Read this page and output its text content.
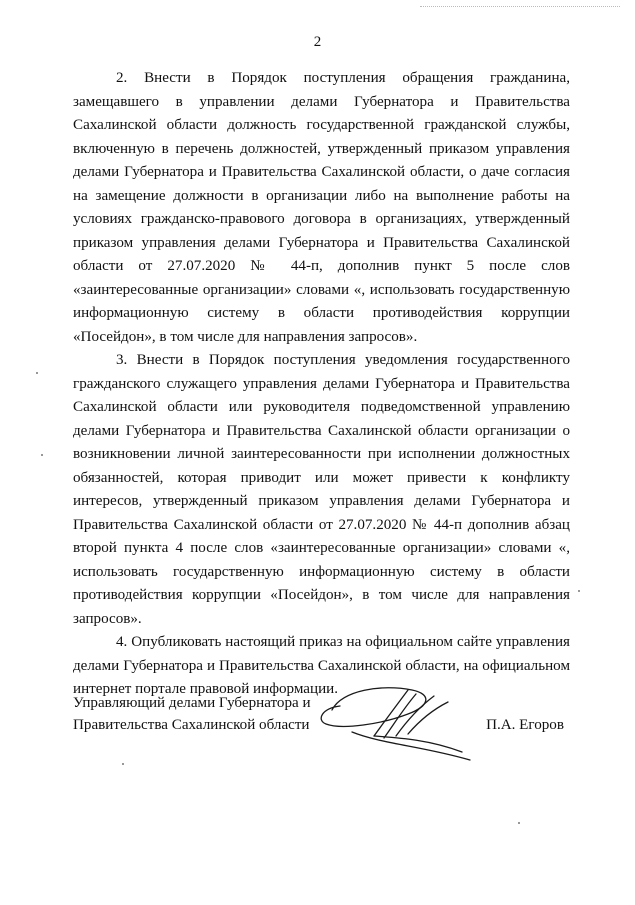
2

2. Внести в Порядок поступления обращения гражданина, замещавшего в управлении делами Губернатора и Правительства Сахалинской области должность государственной гражданской службы, включенную в перечень должностей, утвержденный приказом управления делами Губернатора и Правительства Сахалинской области, о даче согласия на замещение должности в организации либо на выполнение работы на условиях гражданско-правового договора в организациях, утвержденный приказом управления делами Губернатора и Правительства Сахалинской области от 27.07.2020 № 44-п, дополнив пункт 5 после слов «заинтересованные организации» словами «, использовать государственную информационную систему в области противодействия коррупции «Посейдон», в том числе для направления запросов».

3. Внести в Порядок поступления уведомления государственного гражданского служащего управления делами Губернатора и Правительства Сахалинской области или руководителя подведомственной управлению делами Губернатора и Правительства Сахалинской области организации о возникновении личной заинтересованности при исполнении должностных обязанностей, которая приводит или может привести к конфликту интересов, утвержденный приказом управления делами Губернатора и Правительства Сахалинской области от 27.07.2020 № 44-п дополнив абзац второй пункта 4 после слов «заинтересованные организации» словами «, использовать государственную информационную систему в области противодействия коррупции «Посейдон», в том числе для направления запросов».

4. Опубликовать настоящий приказ на официальном сайте управления делами Губернатора и Правительства Сахалинской области, на официальном интернет портале правовой информации.

Управляющий делами Губернатора и
Правительства Сахалинской области	П.А. Егоров
